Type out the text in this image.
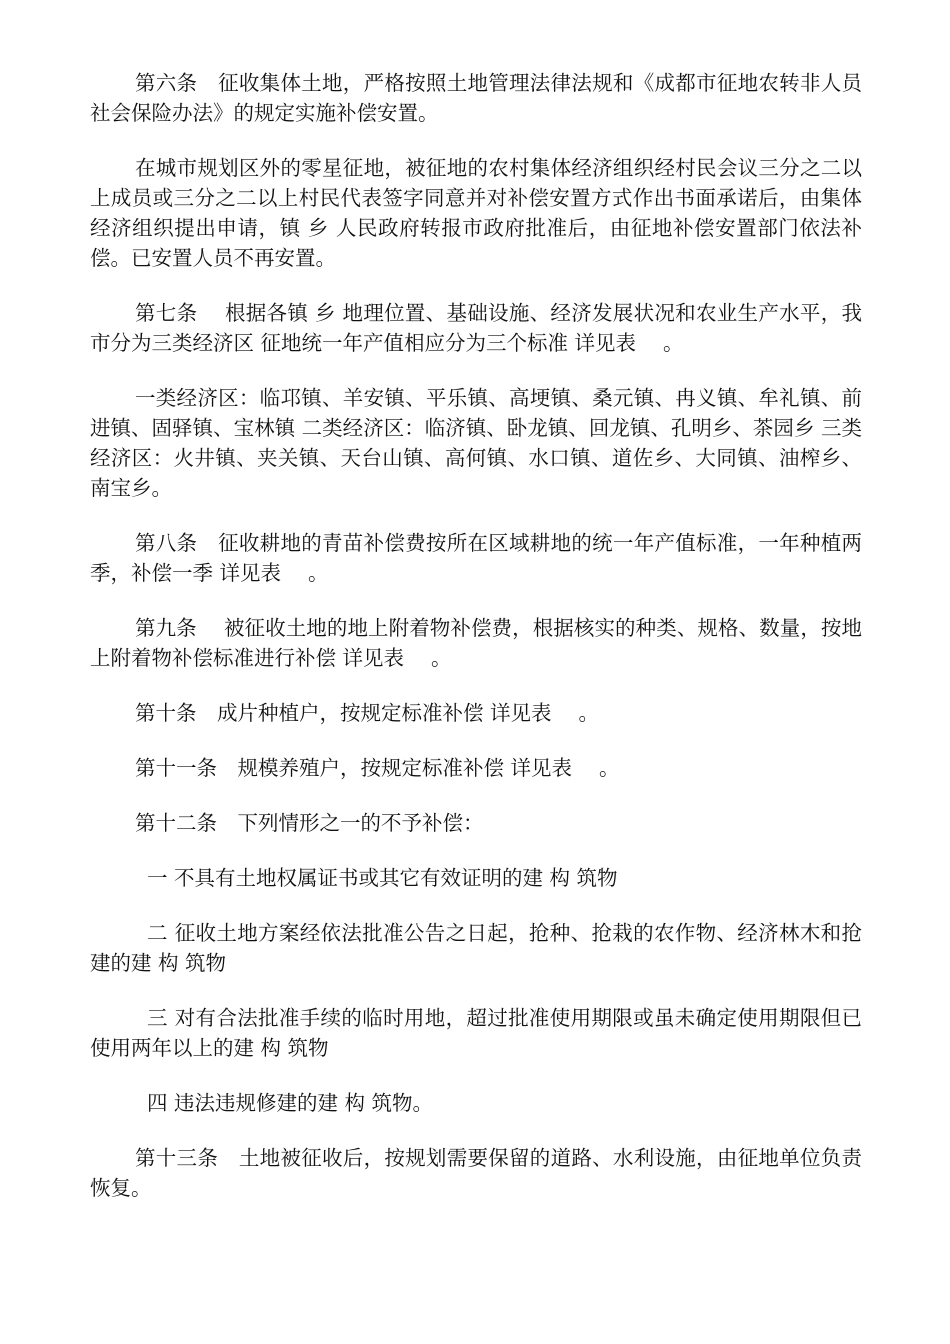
第六条　征收集体土地，严格按照土地管理法律法规和《成都市征地农转非人员社会保险办法》的规定实施补偿安置。

在城市规划区外的零星征地，被征地的农村集体经济组织经村民会议三分之二以上成员或三分之二以上村民代表签字同意并对补偿安置方式作出书面承诺后，由集体经济组织提出申请，镇 乡 人民政府转报市政府批准后，由征地补偿安置部门依法补偿。已安置人员不再安置。

第七条　 根据各镇 乡 地理位置、基础设施、经济发展状况和农业生产水平，我市分为三类经济区 征地统一年产值相应分为三个标准 详见表　 。

一类经济区：临邛镇、羊安镇、平乐镇、高埂镇、桑元镇、冉义镇、牟礼镇、前进镇、固驿镇、宝林镇 二类经济区：临济镇、卧龙镇、回龙镇、孔明乡、茶园乡 三类经济区：火井镇、夹关镇、天台山镇、高何镇、水口镇、道佐乡、大同镇、油榨乡、南宝乡。

第八条　征收耕地的青苗补偿费按所在区域耕地的统一年产值标准，一年种植两季，补偿一季 详见表　 。

第九条　 被征收土地的地上附着物补偿费，根据核实的种类、规格、数量，按地上附着物补偿标准进行补偿 详见表　 。

第十条　成片种植户，按规定标准补偿 详见表　 。

第十一条　规模养殖户，按规定标准补偿 详见表　 。

第十二条　下列情形之一的不予补偿：

一 不具有土地权属证书或其它有效证明的建 构 筑物

二 征收土地方案经依法批准公告之日起，抢种、抢栽的农作物、经济林木和抢建的建 构 筑物

三 对有合法批准手续的临时用地，超过批准使用期限或虽未确定使用期限但已使用两年以上的建 构 筑物

四 违法违规修建的建 构 筑物。

第十三条　土地被征收后，按规划需要保留的道路、水利设施，由征地单位负责恢复。
